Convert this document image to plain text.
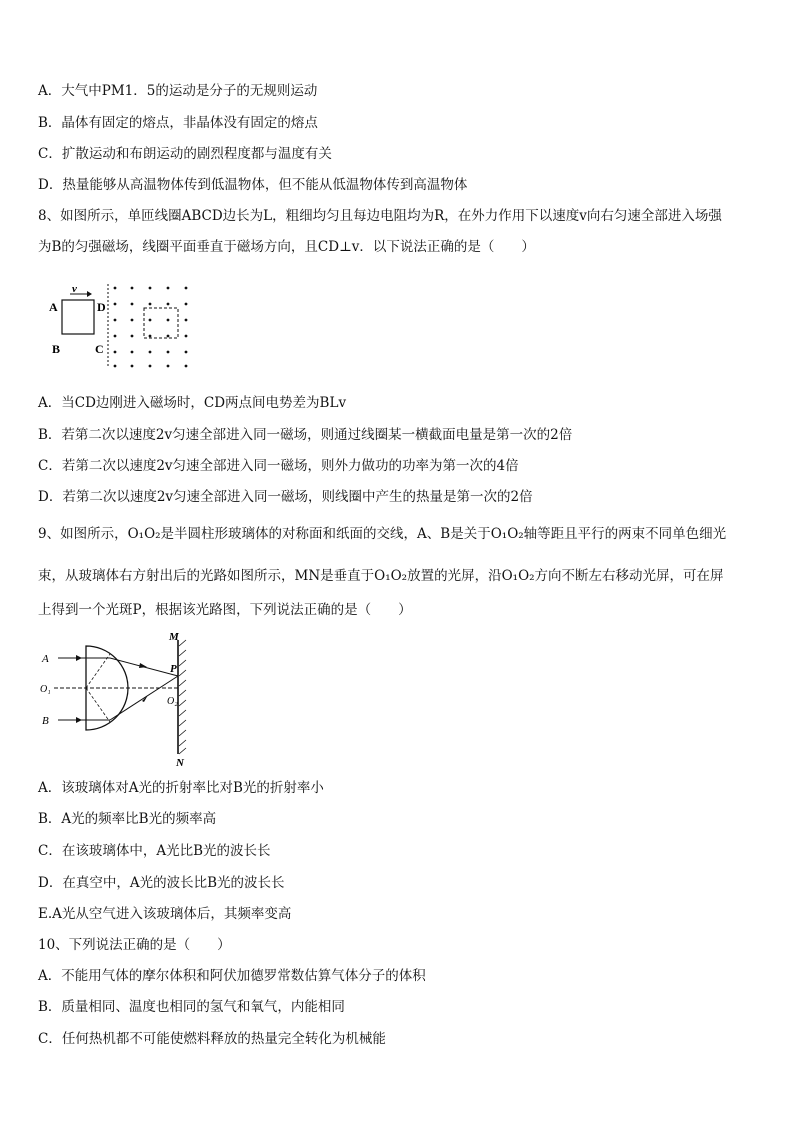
A．大气中PM1．5的运动是分子的无规则运动
B．晶体有固定的熔点，非晶体没有固定的熔点
C．扩散运动和布朗运动的剧烈程度都与温度有关
D．热量能够从高温物体传到低温物体，但不能从低温物体传到高温物体
8、如图所示，单匝线圈ABCD边长为L，粗细均匀且每边电阻均为R，在外力作用下以速度v向右匀速全部进入场强
为B的匀强磁场，线圈平面垂直于磁场方向，且CD⊥v．以下说法正确的是（　　）
v
A	D
B	C
A．当CD边刚进入磁场时，CD两点间电势差为BLv
B．若第二次以速度2v匀速全部进入同一磁场，则通过线圈某一横截面电量是第一次的2倍
C．若第二次以速度2v匀速全部进入同一磁场，则外力做功的功率为第一次的4倍
D．若第二次以速度2v匀速全部进入同一磁场，则线圈中产生的热量是第一次的2倍
9、如图所示，O₁O₂是半圆柱形玻璃体的对称面和纸面的交线，A、B是关于O₁O₂轴等距且平行的两束不同单色细光
束，从玻璃体右方射出后的光路如图所示，MN是垂直于O₁O₂放置的光屏，沿O₁O₂方向不断左右移动光屏，可在屏
上得到一个光斑P，根据该光路图，下列说法正确的是（　　）
M
N
P
O₂
O₁
A
B
A．该玻璃体对A光的折射率比对B光的折射率小
B．A光的频率比B光的频率高
C．在该玻璃体中，A光比B光的波长长
D．在真空中，A光的波长比B光的波长长
E.A光从空气进入该玻璃体后，其频率变高
10、下列说法正确的是（　　）
A．不能用气体的摩尔体积和阿伏加德罗常数估算气体分子的体积
B．质量相同、温度也相同的氢气和氧气，内能相同
C．任何热机都不可能使燃料释放的热量完全转化为机械能
